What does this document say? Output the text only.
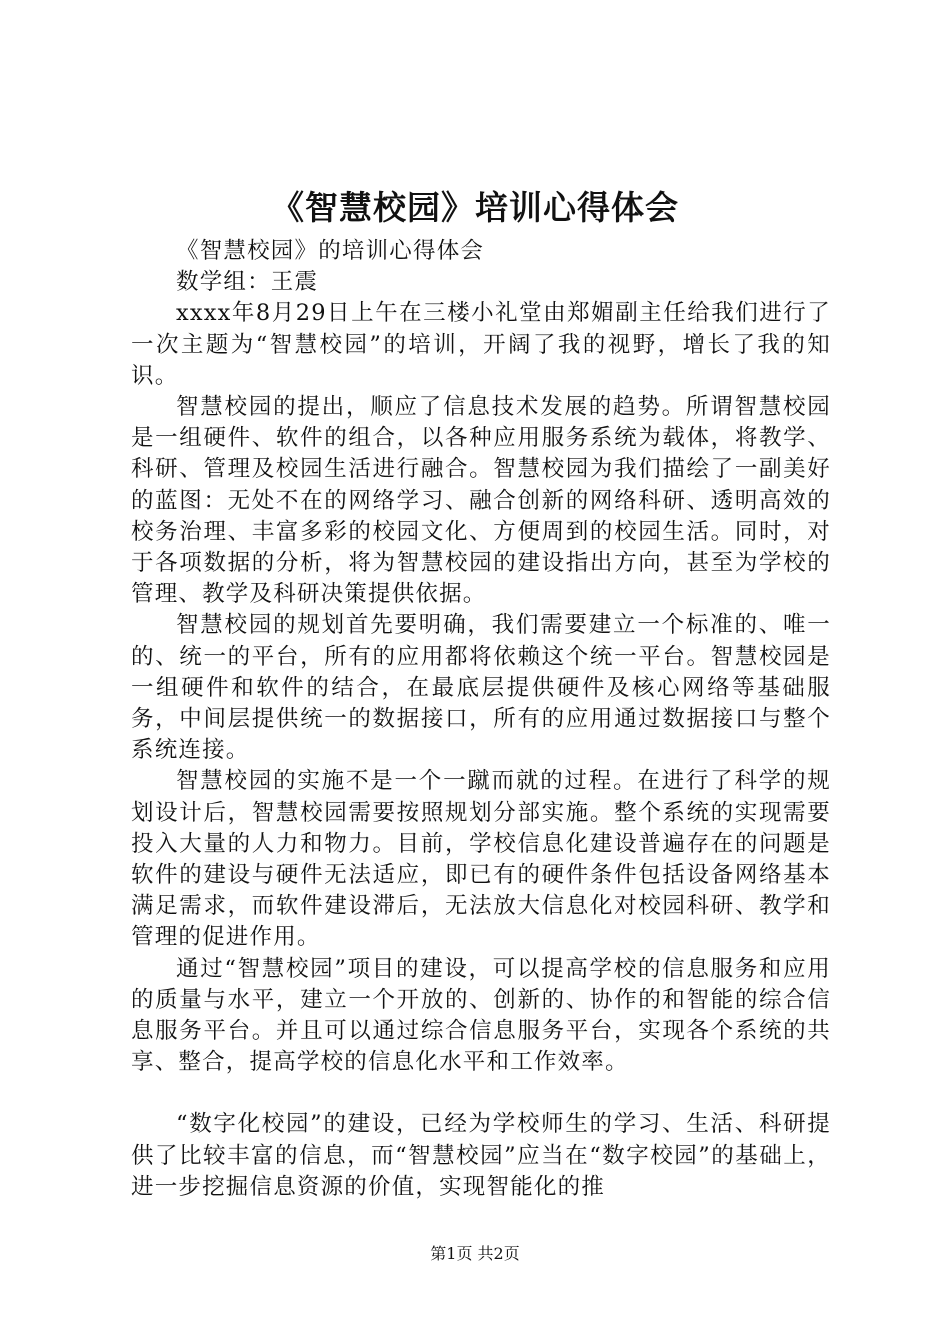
《智慧校园》培训心得体会

《智慧校园》的培训心得体会

数学组：王震

xxxx年8月29日上午在三楼小礼堂由郑媚副主任给我们进行了一次主题为“智慧校园”的培训，开阔了我的视野，增长了我的知识。

智慧校园的提出，顺应了信息技术发展的趋势。所谓智慧校园是一组硬件、软件的组合，以各种应用服务系统为载体，将教学、科研、管理及校园生活进行融合。智慧校园为我们描绘了一副美好的蓝图：无处不在的网络学习、融合创新的网络科研、透明高效的校务治理、丰富多彩的校园文化、方便周到的校园生活。同时，对于各项数据的分析，将为智慧校园的建设指出方向，甚至为学校的管理、教学及科研决策提供依据。

智慧校园的规划首先要明确，我们需要建立一个标准的、唯一的、统一的平台，所有的应用都将依赖这个统一平台。智慧校园是一组硬件和软件的结合，在最底层提供硬件及核心网络等基础服务，中间层提供统一的数据接口，所有的应用通过数据接口与整个系统连接。

智慧校园的实施不是一个一蹴而就的过程。在进行了科学的规划设计后，智慧校园需要按照规划分部实施。整个系统的实现需要投入大量的人力和物力。目前，学校信息化建设普遍存在的问题是软件的建设与硬件无法适应，即已有的硬件条件包括设备网络基本满足需求，而软件建设滞后，无法放大信息化对校园科研、教学和管理的促进作用。

通过“智慧校园”项目的建设，可以提高学校的信息服务和应用的质量与水平，建立一个开放的、创新的、协作的和智能的综合信息服务平台。并且可以通过综合信息服务平台，实现各个系统的共享、整合，提高学校的信息化水平和工作效率。

“数字化校园”的建设，已经为学校师生的学习、生活、科研提供了比较丰富的信息，而“智慧校园”应当在“数字校园”的基础上，进一步挖掘信息资源的价值，实现智能化的推

第1页 共2页
